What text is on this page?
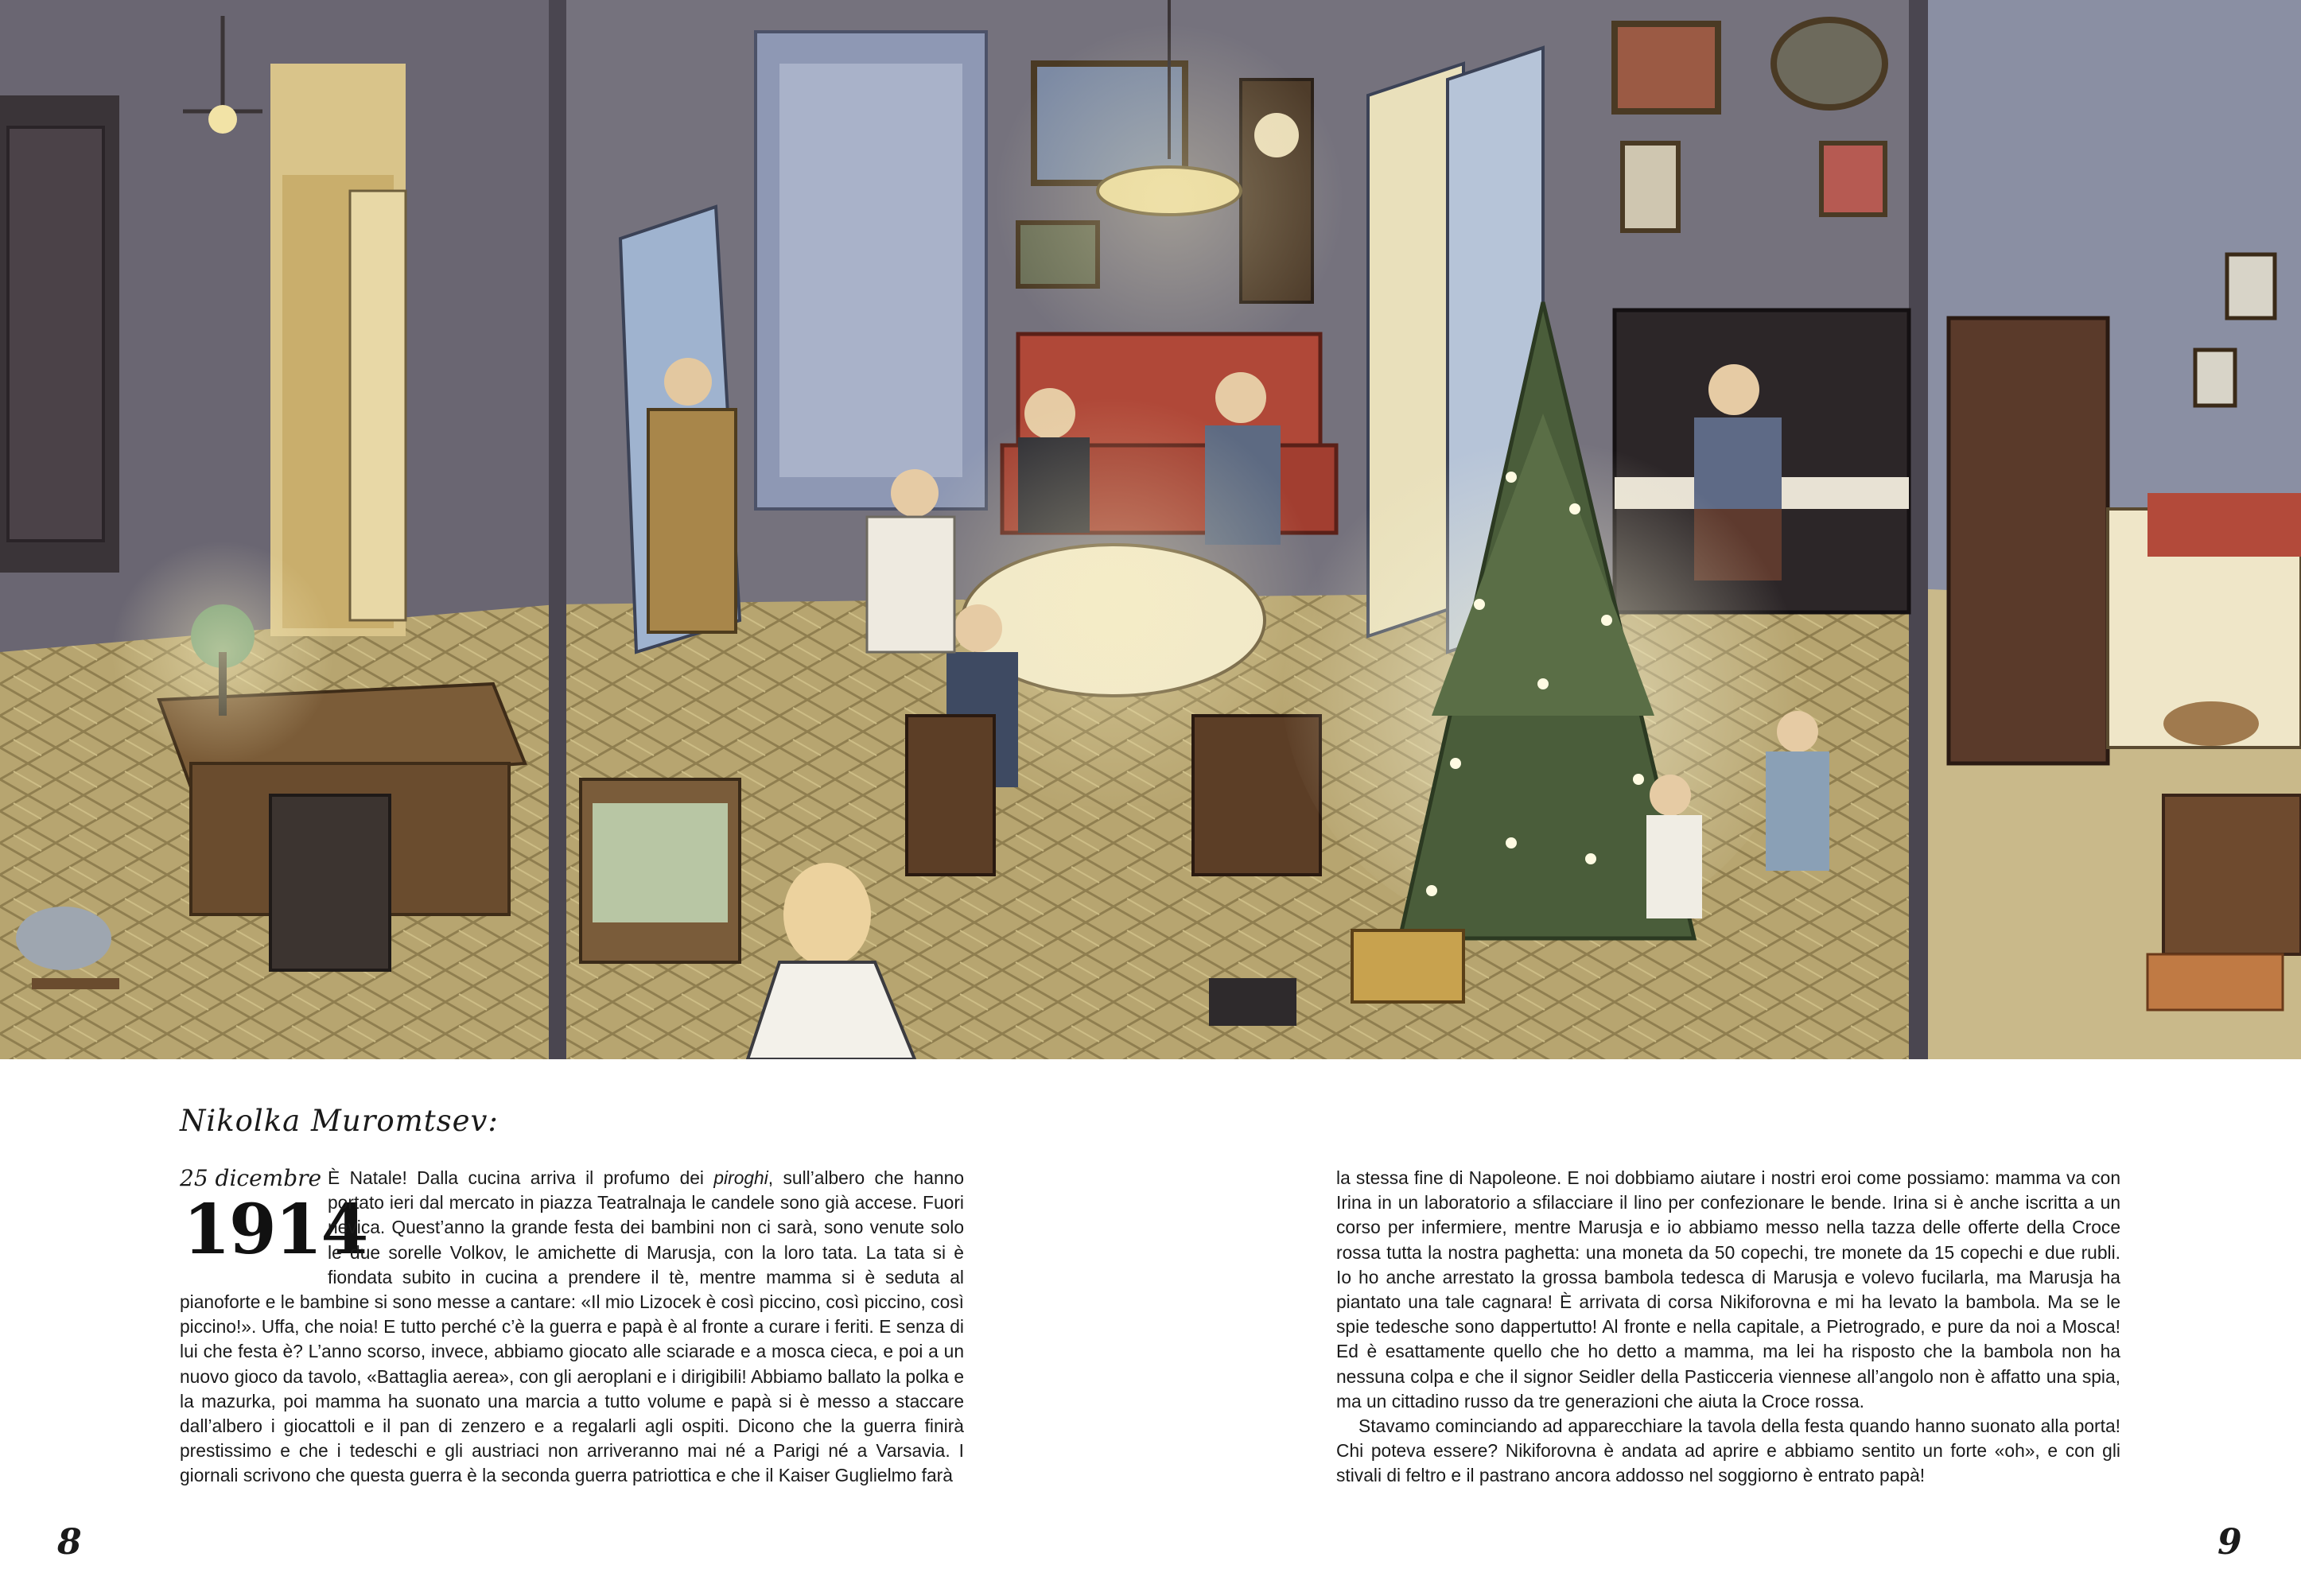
Nikolka Muromtsev:
25 dicembre
1914

È Natale! Dalla cucina arriva il profumo dei piroghi, sull’albero che hanno portato ieri dal mercato in piazza Teatralnaja le candele sono già accese. Fuori nevica. Quest’anno la grande festa dei bambini non ci sarà, sono venute solo le due sorelle Volkov, le amichette di Marusja, con la loro tata. La tata si è fiondata subito in cucina a prendere il tè, mentre mamma si è seduta al pianoforte e le bambine si sono messe a cantare: «Il mio Lizocek è così piccino, così piccino, così piccino!». Uffa, che noia! E tutto perché c’è la guerra e papà è al fronte a curare i feriti. E senza di lui che festa è? L’anno scorso, invece, abbiamo giocato alle sciarade e a mosca cieca, e poi a un nuovo gioco da tavolo, «Battaglia aerea», con gli aeroplani e i dirigibili! Abbiamo ballato la polka e la mazurka, poi mamma ha suonato una marcia a tutto volume e papà si è messo a staccare dall’albero i giocattoli e il pan di zenzero e a regalarli agli ospiti. Dicono che la guerra finirà prestissimo e che i tedeschi e gli austriaci non arriveranno mai né a Parigi né a Varsavia. I giornali scrivono che questa guerra è la seconda guerra patriottica e che il Kaiser Guglielmo farà

la stessa fine di Napoleone. E noi dobbiamo aiutare i nostri eroi come possiamo: mamma va con Irina in un laboratorio a sfilacciare il lino per confezionare le bende. Irina si è anche iscritta a un corso per infermiere, mentre Marusja e io abbiamo messo nella tazza delle offerte della Croce rossa tutta la nostra paghetta: una moneta da 50 copechi, tre monete da 15 copechi e due rubli. Io ho anche arrestato la grossa bambola tedesca di Marusja e volevo fucilarla, ma Marusja ha piantato una tale cagnara! È arrivata di corsa Nikiforovna e mi ha levato la bambola. Ma se le spie tedesche sono dappertutto! Al fronte e nella capitale, a Pietrogrado, e pure da noi a Mosca! Ed è esattamente quello che ho detto a mamma, ma lei ha risposto che la bambola non ha nessuna colpa e che il signor Seidler della Pasticceria viennese all’angolo non è affatto una spia, ma un cittadino russo da tre generazioni che aiuta la Croce rossa.

Stavamo cominciando ad apparecchiare la tavola della festa quando hanno suonato alla porta! Chi poteva essere? Nikiforovna è andata ad aprire e abbiamo sentito un forte «oh», e con gli stivali di feltro e il pastrano ancora addosso nel soggiorno è entrato papà!

8	9
